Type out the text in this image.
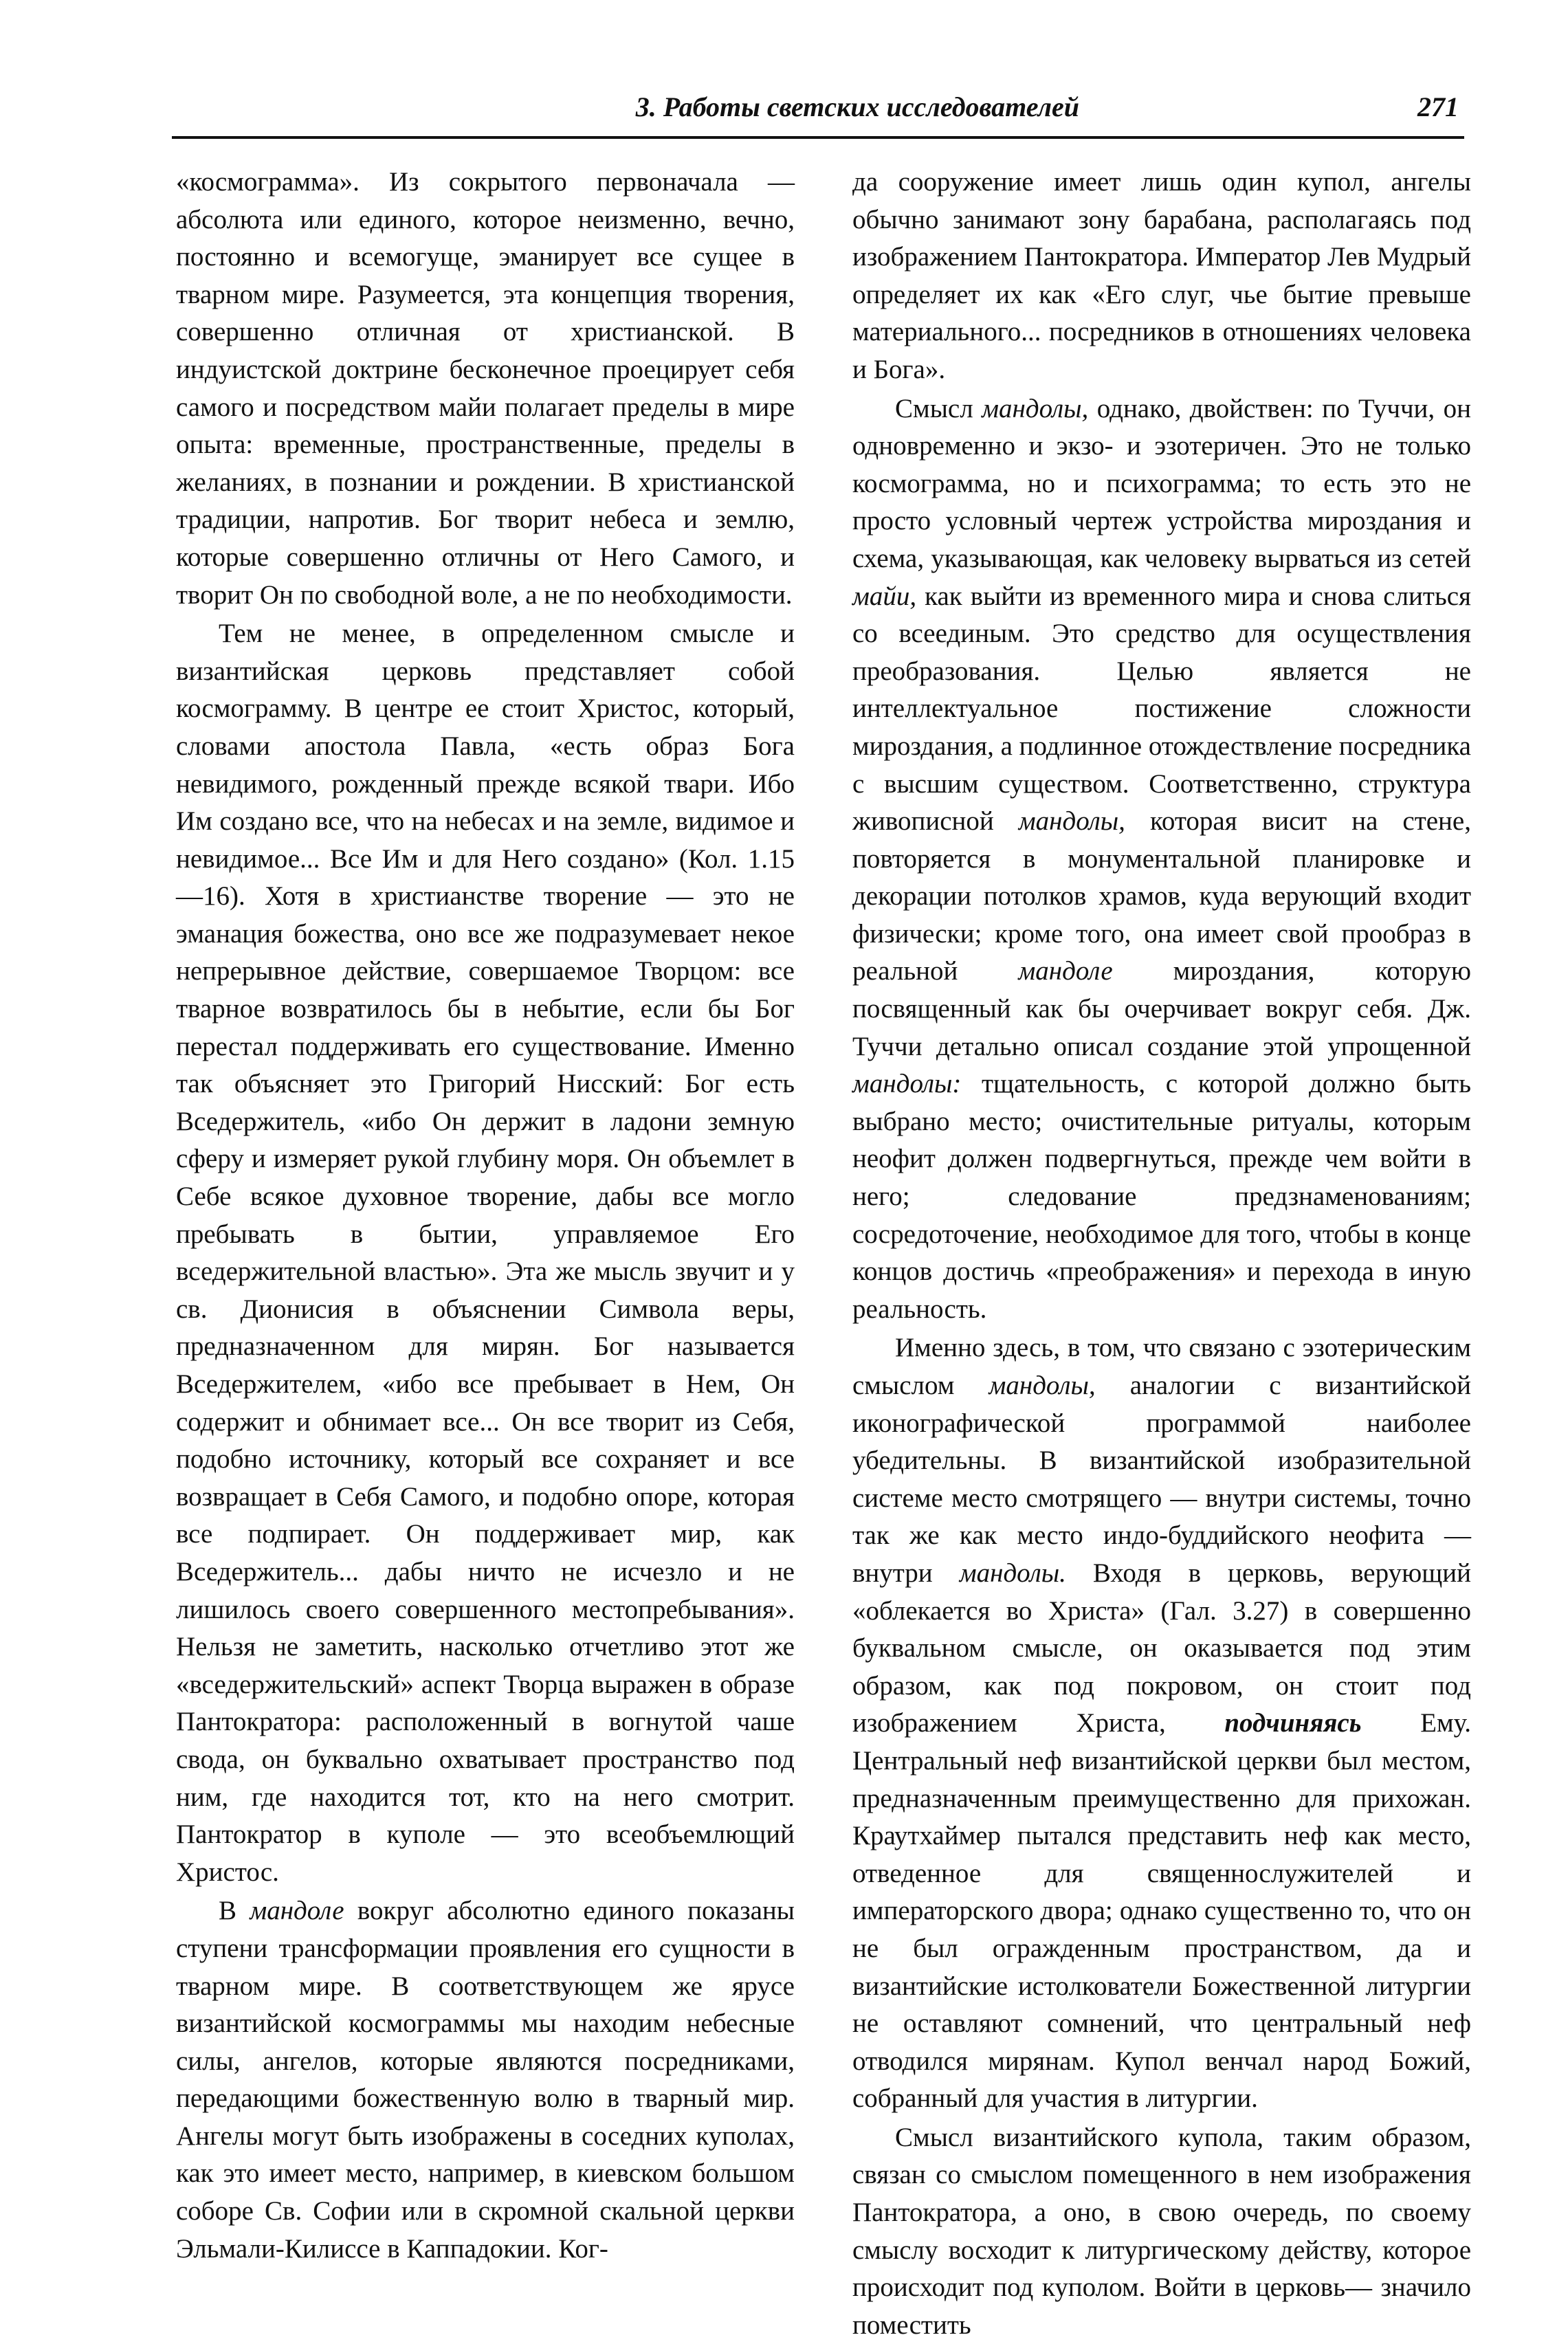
3. Работы светских исследователей	271

«космограмма». Из сокрытого первоначала — абсолюта или единого, которое неизменно, вечно, постоянно и всемогуще, эманирует все сущее в тварном мире. Разумеется, эта концепция творения, совершенно отличная от христианской. В индуистской доктрине бесконечное проецирует себя самого и посредством майи полагает пределы в мире опыта: временные, пространственные, пределы в желаниях, в познании и рождении. В христианской традиции, напротив. Бог творит небеса и землю, которые совершенно отличны от Него Самого, и творит Он по свободной воле, а не по необходимости.

Тем не менее, в определенном смысле и византийская церковь представляет собой космограмму. В центре ее стоит Христос, который, словами апостола Павла, «есть образ Бога невидимого, рожденный прежде всякой твари. Ибо Им создано все, что на небесах и на земле, видимое и невидимое... Все Им и для Него создано» (Кол. 1.15—16). Хотя в христианстве творение — это не эманация божества, оно все же подразумевает некое непрерывное действие, совершаемое Творцом: все тварное возвратилось бы в небытие, если бы Бог перестал поддерживать его существование. Именно так объясняет это Григорий Нисский: Бог есть Вседержитель, «ибо Он держит в ладони земную сферу и измеряет рукой глубину моря. Он объемлет в Себе всякое духовное творение, дабы все могло пребывать в бытии, управляемое Его вседержительной властью». Эта же мысль звучит и у св. Дионисия в объяснении Символа веры, предназначенном для мирян. Бог называется Вседержителем, «ибо все пребывает в Нем, Он содержит и обнимает все... Он все творит из Себя, подобно источнику, который все сохраняет и все возвращает в Себя Самого, и подобно опоре, которая все подпирает. Он поддерживает мир, как Вседержитель... дабы ничто не исчезло и не лишилось своего совершенного местопребывания». Нельзя не заметить, насколько отчетливо этот же «вседержительский» аспект Творца выражен в образе Пантократора: расположенный в вогнутой чаше свода, он буквально охватывает пространство под ним, где находится тот, кто на него смотрит. Пантократор в куполе — это всеобъемлющий Христос.

В мандоле вокруг абсолютно единого показаны ступени трансформации проявления его сущности в тварном мире. В соответствующем же ярусе византийской космограммы мы находим небесные силы, ангелов, которые являются посредниками, передающими божественную волю в тварный мир. Ангелы могут быть изображены в соседних куполах, как это имеет место, например, в киевском большом соборе Св. Софии или в скромной скальной церкви Эльмали-Килиссе в Каппадокии. Ког-

да сооружение имеет лишь один купол, ангелы обычно занимают зону барабана, располагаясь под изображением Пантократора. Император Лев Мудрый определяет их как «Его слуг, чье бытие превыше материального... посредников в отношениях человека и Бога».

Смысл мандолы, однако, двойствен: по Туччи, он одновременно и экзо- и эзотеричен. Это не только космограмма, но и психограмма; то есть это не просто условный чертеж устройства мироздания и схема, указывающая, как человеку вырваться из сетей майи, как выйти из временного мира и снова слиться со всеединым. Это средство для осуществления преобразования. Целью является не интеллектуальное постижение сложности мироздания, а подлинное отождествление посредника с высшим существом. Соответственно, структура живописной мандолы, которая висит на стене, повторяется в монументальной планировке и декорации потолков храмов, куда верующий входит физически; кроме того, она имеет свой прообраз в реальной мандоле мироздания, которую посвященный как бы очерчивает вокруг себя. Дж. Туччи детально описал создание этой упрощенной мандолы: тщательность, с которой должно быть выбрано место; очистительные ритуалы, которым неофит должен подвергнуться, прежде чем войти в него; следование предзнаменованиям; сосредоточение, необходимое для того, чтобы в конце концов достичь «преображения» и перехода в иную реальность.

Именно здесь, в том, что связано с эзотерическим смыслом мандолы, аналогии с византийской иконографической программой наиболее убедительны. В византийской изобразительной системе место смотрящего — внутри системы, точно так же как место индо-буддийского неофита — внутри мандолы. Входя в церковь, верующий «облекается во Христа» (Гал. 3.27) в совершенно буквальном смысле, он оказывается под этим образом, как под покровом, он стоит под изображением Христа, подчиняясь Ему. Центральный неф византийской церкви был местом, предназначенным преимущественно для прихожан. Краутхаймер пытался представить неф как место, отведенное для священнослужителей и императорского двора; однако существенно то, что он не был огражденным пространством, да и византийские истолкователи Божественной литургии не оставляют сомнений, что центральный неф отводился мирянам. Купол венчал народ Божий, собранный для участия в литургии.

Смысл византийского купола, таким образом, связан со смыслом помещенного в нем изображения Пантократора, а оно, в свою очередь, по своему смыслу восходит к литургическому действу, которое происходит под куполом. Войти в церковь— значило поместить
